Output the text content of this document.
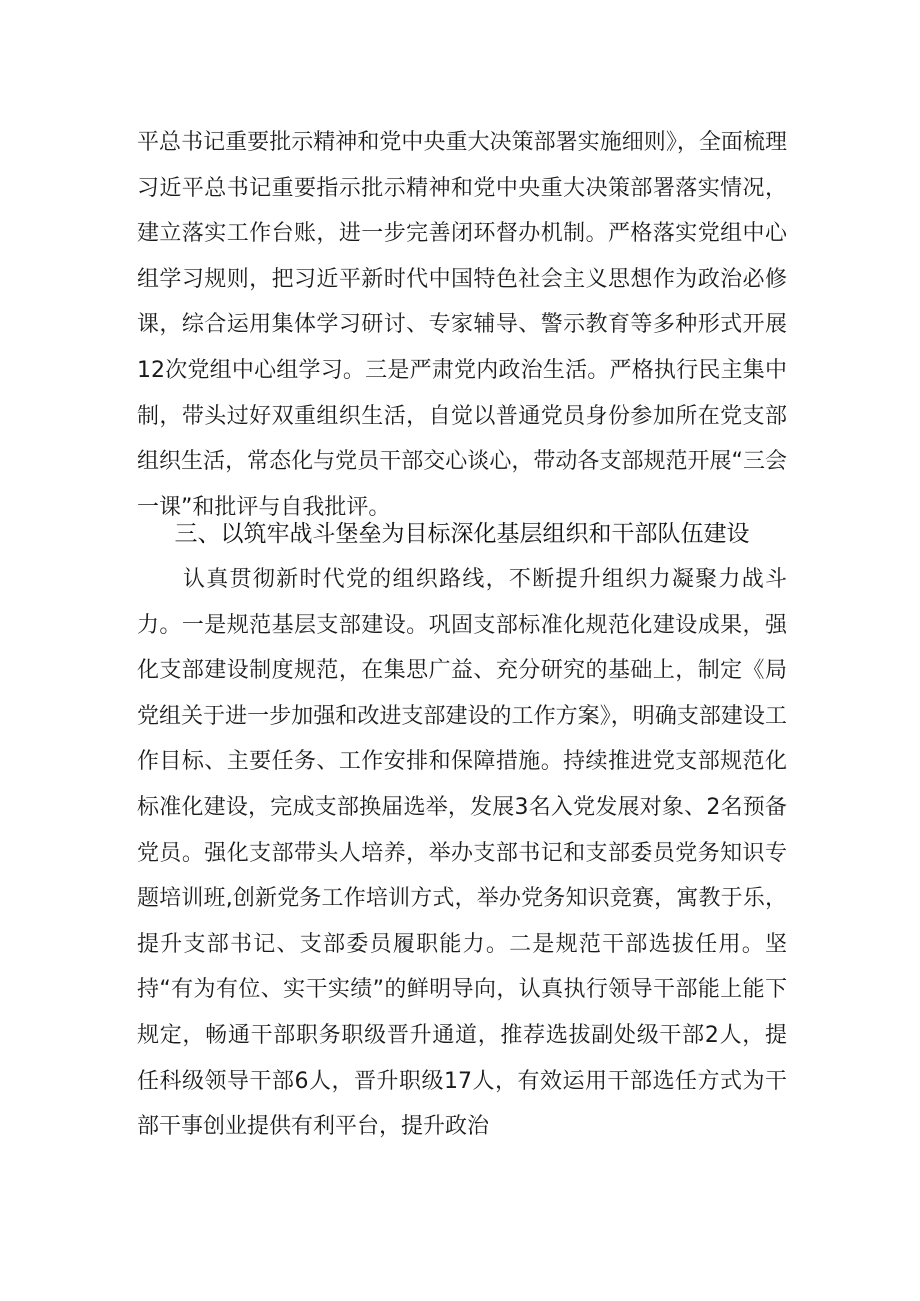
平总书记重要批示精神和党中央重大决策部署实施细则》，全面梳理习近平总书记重要指示批示精神和党中央重大决策部署落实情况，建立落实工作台账，进一步完善闭环督办机制。严格落实党组中心组学习规则，把习近平新时代中国特色社会主义思想作为政治必修课，综合运用集体学习研讨、专家辅导、警示教育等多种形式开展12次党组中心组学习。三是严肃党内政治生活。严格执行民主集中制，带头过好双重组织生活，自觉以普通党员身份参加所在党支部组织生活，常态化与党员干部交心谈心，带动各支部规范开展“三会一课”和批评与自我批评。

三、以筑牢战斗堡垒为目标深化基层组织和干部队伍建设

认真贯彻新时代党的组织路线，不断提升组织力凝聚力战斗力。一是规范基层支部建设。巩固支部标准化规范化建设成果，强化支部建设制度规范，在集思广益、充分研究的基础上，制定《局党组关于进一步加强和改进支部建设的工作方案》，明确支部建设工作目标、主要任务、工作安排和保障措施。持续推进党支部规范化标准化建设，完成支部换届选举，发展3名入党发展对象、2名预备党员。强化支部带头人培养，举办支部书记和支部委员党务知识专题培训班,创新党务工作培训方式，举办党务知识竞赛，寓教于乐，提升支部书记、支部委员履职能力。二是规范干部选拔任用。坚持“有为有位、实干实绩”的鲜明导向，认真执行领导干部能上能下规定，畅通干部职务职级晋升通道，推荐选拔副处级干部2人，提任科级领导干部6人，晋升职级17人，有效运用干部选任方式为干部干事创业提供有利平台，提升政治
